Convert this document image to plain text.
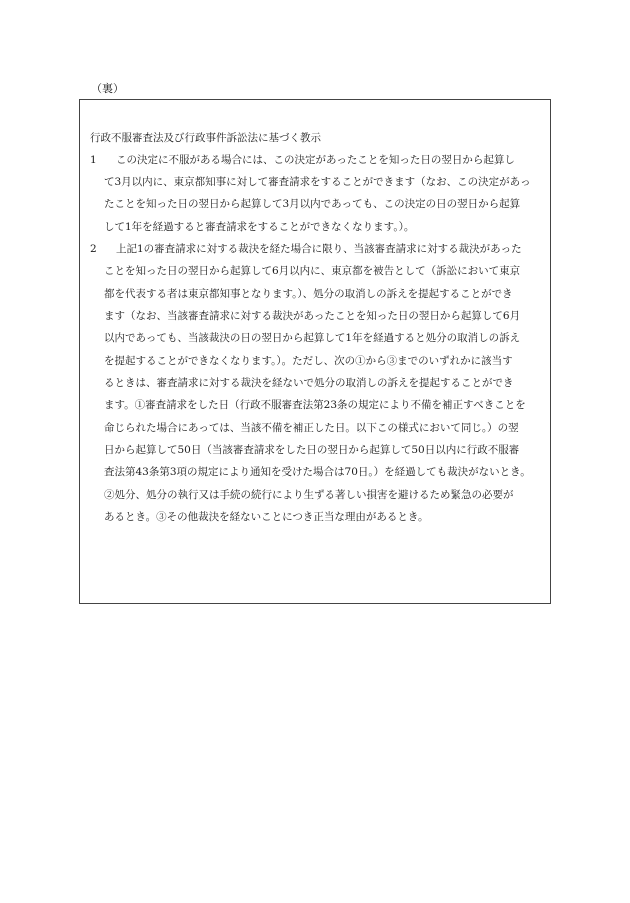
（裏）
行政不服審査法及び行政事件訴訟法に基づく教示
1 この決定に不服がある場合には、この決定があったことを知った日の翌日から起算し
て3月以内に、東京都知事に対して審査請求をすることができます（なお、この決定があっ
たことを知った日の翌日から起算して3月以内であっても、この決定の日の翌日から起算
して1年を経過すると審査請求をすることができなくなります。）。
2 上記1の審査請求に対する裁決を経た場合に限り、当該審査請求に対する裁決があった
ことを知った日の翌日から起算して6月以内に、東京都を被告として（訴訟において東京
都を代表する者は東京都知事となります。）、処分の取消しの訴えを提起することができ
ます（なお、当該審査請求に対する裁決があったことを知った日の翌日から起算して6月
以内であっても、当該裁決の日の翌日から起算して1年を経過すると処分の取消しの訴え
を提起することができなくなります。）。ただし、次の①から③までのいずれかに該当す
るときは、審査請求に対する裁決を経ないで処分の取消しの訴えを提起することができ
ます。①審査請求をした日（行政不服審査法第23条の規定により不備を補正すべきことを
命じられた場合にあっては、当該不備を補正した日。以下この様式において同じ。）の翌
日から起算して50日（当該審査請求をした日の翌日から起算して50日以内に行政不服審
査法第43条第3項の規定により通知を受けた場合は70日。）を経過しても裁決がないとき。
②処分、処分の執行又は手続の続行により生ずる著しい損害を避けるため緊急の必要が
あるとき。③その他裁決を経ないことにつき正当な理由があるとき。
